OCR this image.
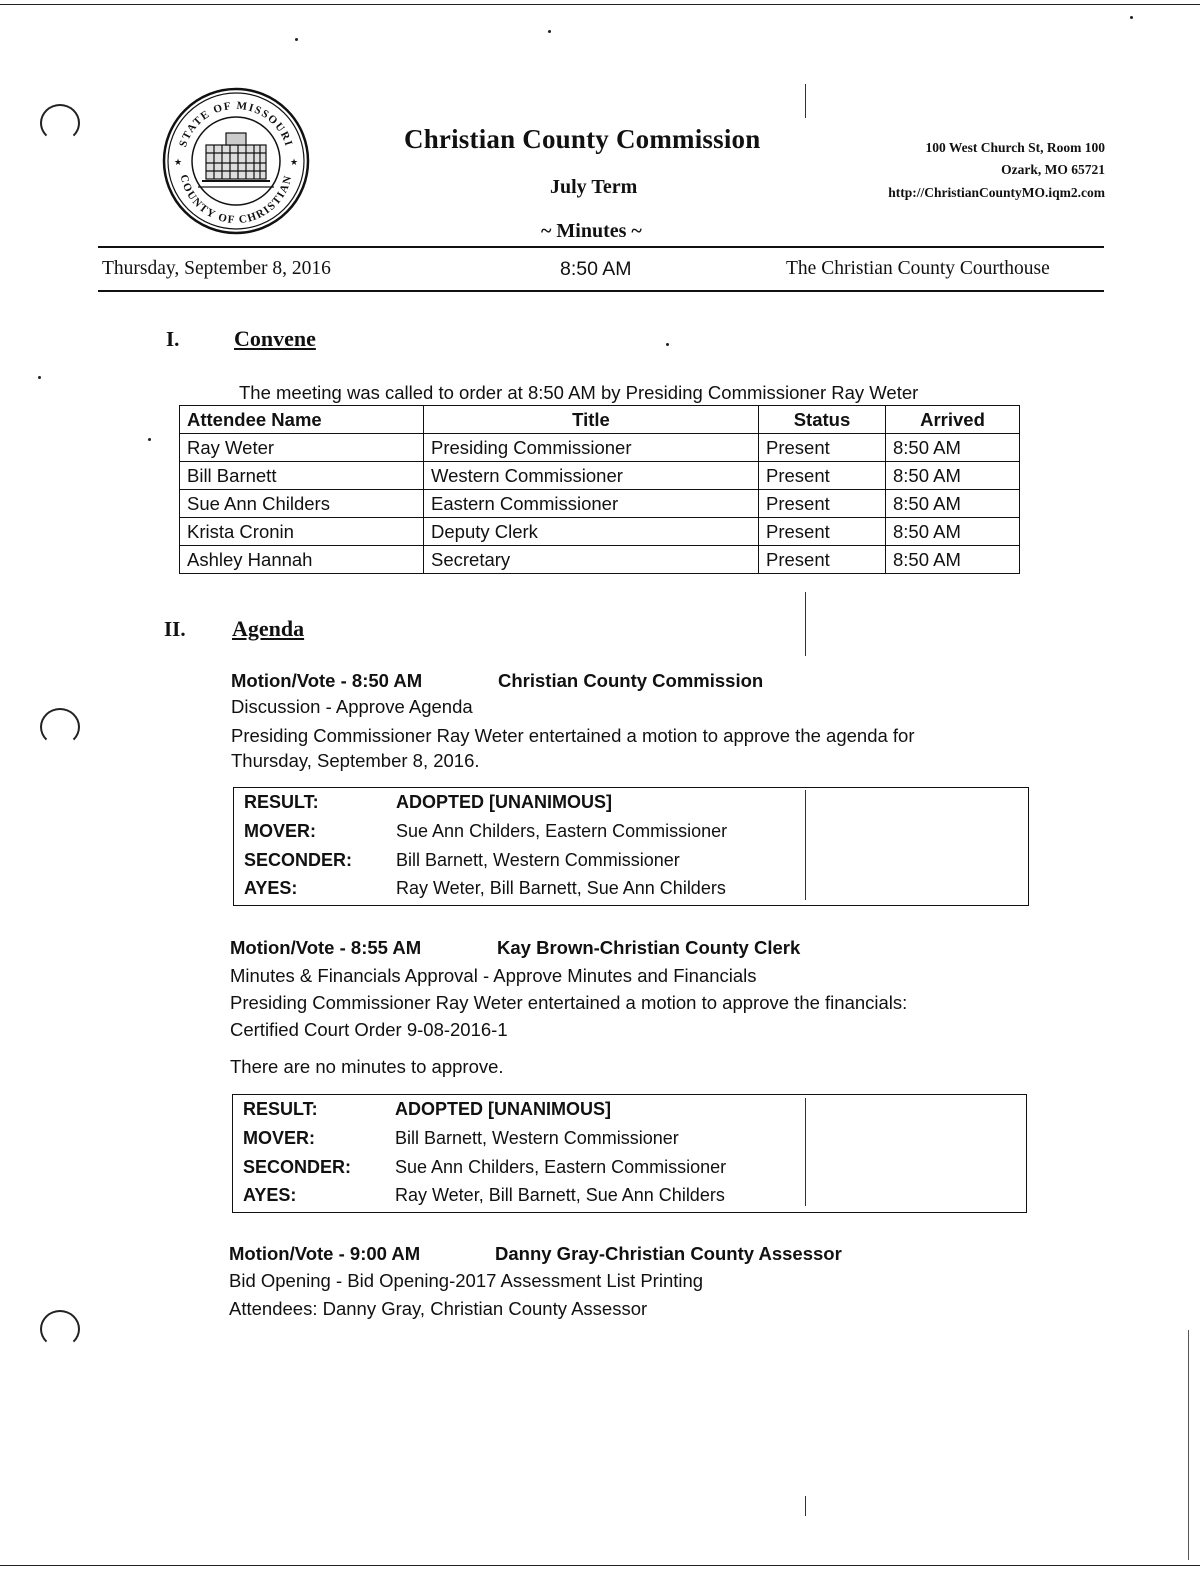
STATE OF MISSOURI
COUNTY OF CHRISTIAN
★	★
Christian County Commission
July Term
~ Minutes ~
100 West Church St, Room 100
Ozark, MO 65721
http://ChristianCountyMO.iqm2.com
Thursday, September 8, 2016	8:50 AM	The Christian County Courthouse
I. Convene
The meeting was called to order at 8:50 AM by Presiding Commissioner Ray Weter
Attendee Name	Title	Status	Arrived
Ray Weter	Presiding Commissioner	Present	8:50 AM
Bill Barnett	Western Commissioner	Present	8:50 AM
Sue Ann Childers	Eastern Commissioner	Present	8:50 AM
Krista Cronin	Deputy Clerk	Present	8:50 AM
Ashley Hannah	Secretary	Present	8:50 AM
II. Agenda
Motion/Vote - 8:50 AM	Christian County Commission
Discussion - Approve Agenda
Presiding Commissioner Ray Weter entertained a motion to approve the agenda for
Thursday, September 8, 2016.
RESULT:	ADOPTED [UNANIMOUS]
MOVER:	Sue Ann Childers, Eastern Commissioner
SECONDER: Bill Barnett, Western Commissioner
AYES:	Ray Weter, Bill Barnett, Sue Ann Childers
Motion/Vote - 8:55 AM	Kay Brown-Christian County Clerk
Minutes & Financials Approval - Approve Minutes and Financials
Presiding Commissioner Ray Weter entertained a motion to approve the financials:
Certified Court Order 9-08-2016-1
There are no minutes to approve.
RESULT:	ADOPTED [UNANIMOUS]
MOVER:	Bill Barnett, Western Commissioner
SECONDER: Sue Ann Childers, Eastern Commissioner
AYES:	Ray Weter, Bill Barnett, Sue Ann Childers
Motion/Vote - 9:00 AM	Danny Gray-Christian County Assessor
Bid Opening - Bid Opening-2017 Assessment List Printing
Attendees: Danny Gray, Christian County Assessor
